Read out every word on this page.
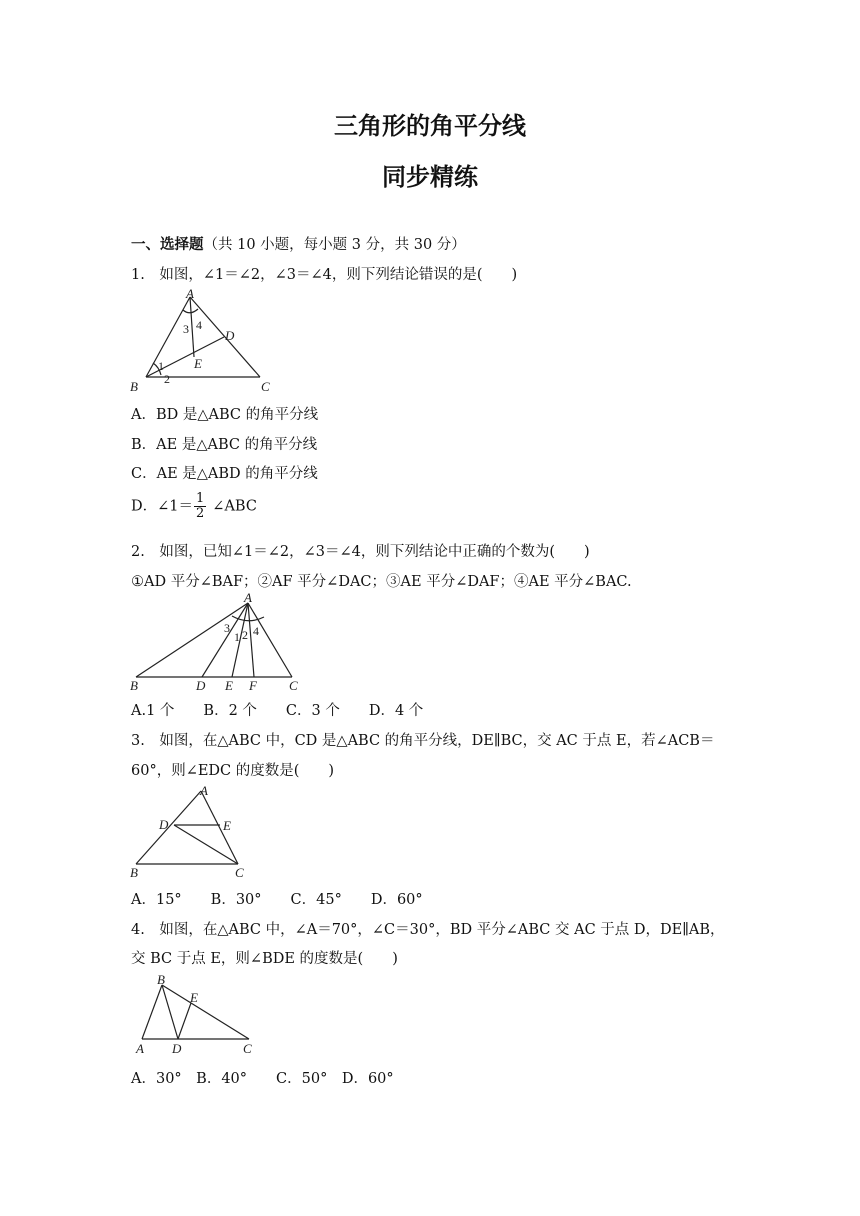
三角形的角平分线
同步精练
一、选择题（共 10 小题，每小题 3 分，共 30 分）
1.　如图，∠1＝∠2，∠3＝∠4，则下列结论错误的是(　　)
A
B	C
D
E
3 4
1
2
A．BD 是△ABC 的角平分线
B．AE 是△ABC 的角平分线
C．AE 是△ABD 的角平分线
D．∠1＝ $\frac{1}{2}$ ∠ABC
2.　如图，已知∠1＝∠2，∠3＝∠4，则下列结论中正确的个数为(　　)
①AD 平分∠BAF；②AF 平分∠DAC；③AE 平分∠DAF；④AE 平分∠BAC.
A
B	D E F C
3
1 2 4
A.1 个　　B．2 个　　C．3 个　　D．4 个
3.　如图，在△ABC 中，CD 是△ABC 的角平分线，DE∥BC，交 AC 于点 E，若∠ACB＝
60°，则∠EDC 的度数是(　　)
A
B	C
D	E
A．15°　　B．30°　　C．45°　　D．60°
4.　如图，在△ABC 中，∠A＝70°，∠C＝30°，BD 平分∠ABC 交 AC 于点 D，DE∥AB，
交 BC 于点 E，则∠BDE 的度数是(　　)
B
E
A D	C
A．30°　B．40°　　C．50°　D．60°
